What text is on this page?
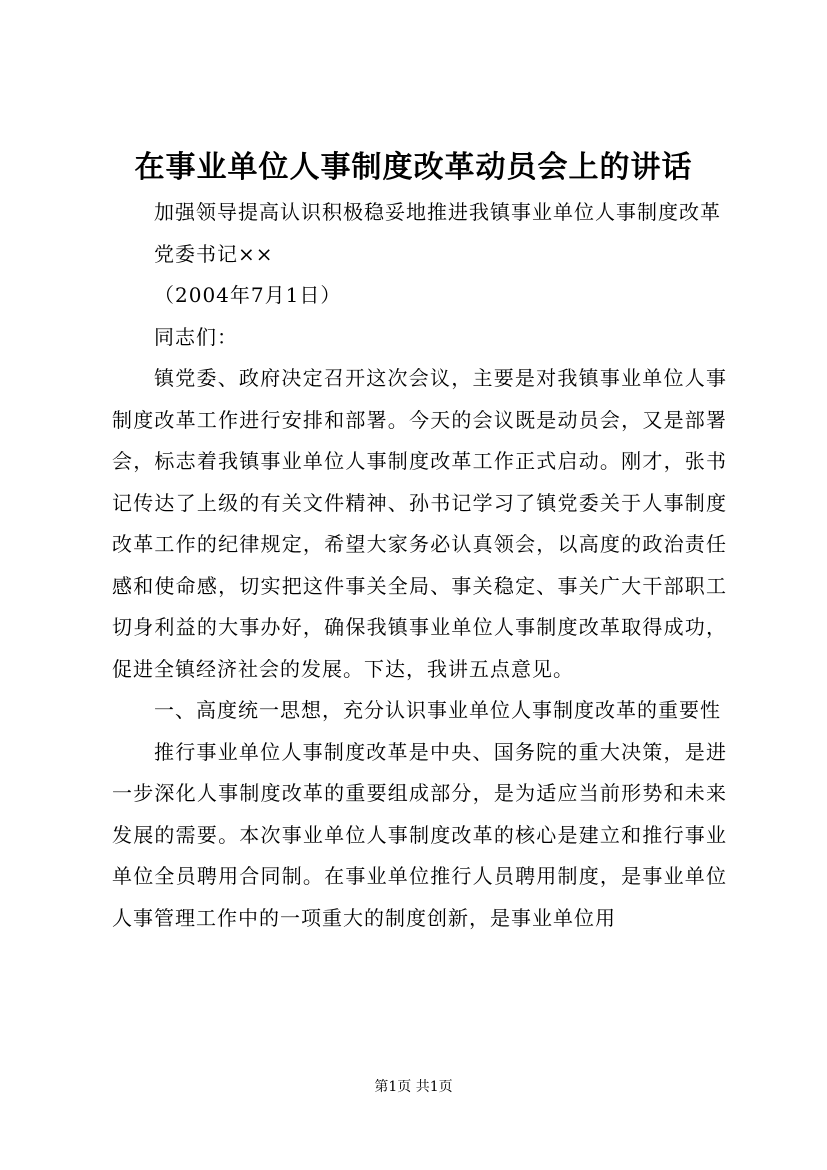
在事业单位人事制度改革动员会上的讲话

加强领导提高认识积极稳妥地推进我镇事业单位人事制度改革

党委书记××

（2004年7月1日）

同志们：

镇党委、政府决定召开这次会议，主要是对我镇事业单位人事制度改革工作进行安排和部署。今天的会议既是动员会，又是部署会，标志着我镇事业单位人事制度改革工作正式启动。刚才，张书记传达了上级的有关文件精神、孙书记学习了镇党委关于人事制度改革工作的纪律规定，希望大家务必认真领会，以高度的政治责任感和使命感，切实把这件事关全局、事关稳定、事关广大干部职工切身利益的大事办好，确保我镇事业单位人事制度改革取得成功，促进全镇经济社会的发展。下达，我讲五点意见。

一、高度统一思想，充分认识事业单位人事制度改革的重要性

推行事业单位人事制度改革是中央、国务院的重大决策，是进一步深化人事制度改革的重要组成部分，是为适应当前形势和未来发展的需要。本次事业单位人事制度改革的核心是建立和推行事业单位全员聘用合同制。在事业单位推行人员聘用制度，是事业单位人事管理工作中的一项重大的制度创新，是事业单位用

第1页 共1页
